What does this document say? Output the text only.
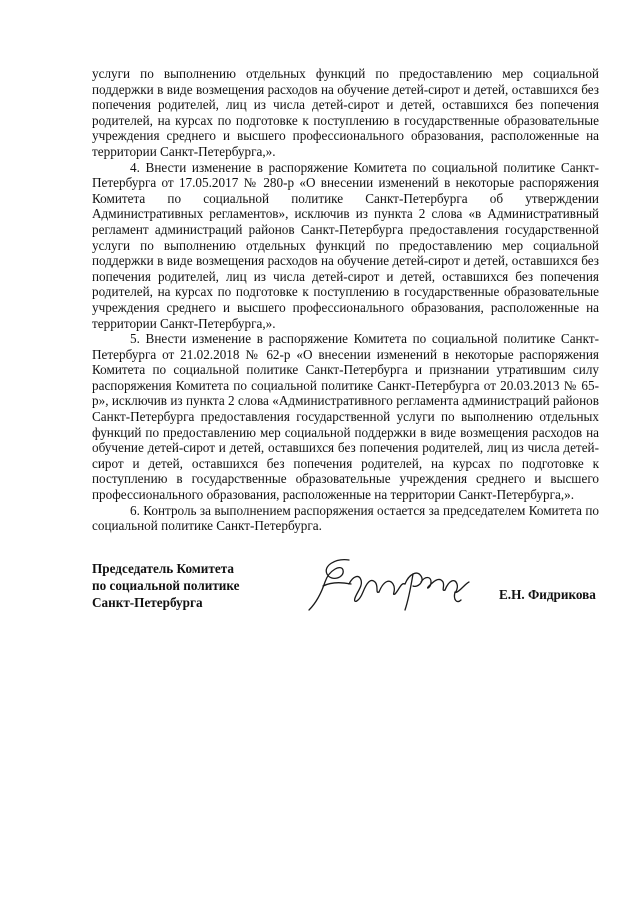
услуги по выполнению отдельных функций по предоставлению мер социальной поддержки в виде возмещения расходов на обучение детей-сирот и детей, оставшихся без попечения родителей, лиц из числа детей-сирот и детей, оставшихся без попечения родителей, на курсах по подготовке к поступлению в государственные образовательные учреждения среднего и высшего профессионального образования, расположенные на территории Санкт-Петербурга,».

4. Внести изменение в распоряжение Комитета по социальной политике Санкт-Петербурга от 17.05.2017 № 280-р «О внесении изменений в некоторые распоряжения Комитета по социальной политике Санкт-Петербурга об утверждении Административных регламентов», исключив из пункта 2 слова «в Административный регламент администраций районов Санкт-Петербурга предоставления государственной услуги по выполнению отдельных функций по предоставлению мер социальной поддержки в виде возмещения расходов на обучение детей-сирот и детей, оставшихся без попечения родителей, лиц из числа детей-сирот и детей, оставшихся без попечения родителей, на курсах по подготовке к поступлению в государственные образовательные учреждения среднего и высшего профессионального образования, расположенные на территории Санкт-Петербурга,».

5. Внести изменение в распоряжение Комитета по социальной политике Санкт-Петербурга от 21.02.2018 № 62-р «О внесении изменений в некоторые распоряжения Комитета по социальной политике Санкт-Петербурга и признании утратившим силу распоряжения Комитета по социальной политике Санкт-Петербурга от 20.03.2013 № 65-р», исключив из пункта 2 слова «Административного регламента администраций районов Санкт-Петербурга предоставления государственной услуги по выполнению отдельных функций по предоставлению мер социальной поддержки в виде возмещения расходов на обучение детей-сирот и детей, оставшихся без попечения родителей, лиц из числа детей-сирот и детей, оставшихся без попечения родителей, на курсах по подготовке к поступлению в государственные образовательные учреждения среднего и высшего профессионального образования, расположенные на территории Санкт-Петербурга,».

6. Контроль за выполнением распоряжения остается за председателем Комитета по социальной политике Санкт-Петербурга.

Председатель Комитета
по социальной политике
Санкт-Петербурга
Е.Н. Фидрикова
